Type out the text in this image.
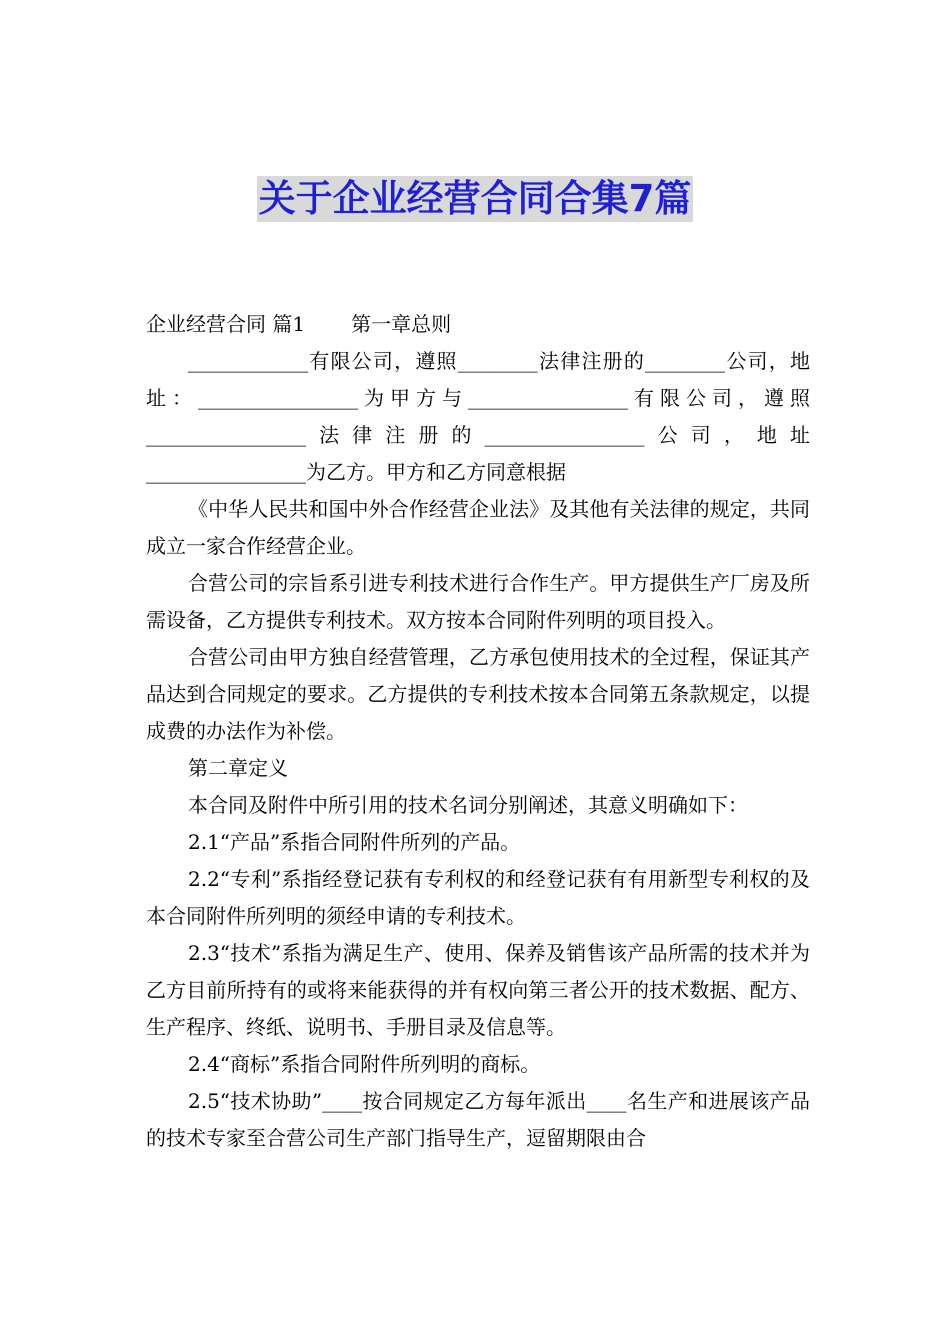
关于企业经营合同合集7篇

企业经营合同 篇1 第一章总则

____________有限公司，遵照________法律注册的________公司，地址：________________为甲方与________________有限公司，遵照________________法律注册的________________公司，地址________________为乙方。甲方和乙方同意根据

《中华人民共和国中外合作经营企业法》及其他有关法律的规定，共同成立一家合作经营企业。

合营公司的宗旨系引进专利技术进行合作生产。甲方提供生产厂房及所需设备，乙方提供专利技术。双方按本合同附件列明的项目投入。

合营公司由甲方独自经营管理，乙方承包使用技术的全过程，保证其产品达到合同规定的要求。乙方提供的专利技术按本合同第五条款规定，以提成费的办法作为补偿。

第二章定义

本合同及附件中所引用的技术名词分别阐述，其意义明确如下：

2.1“产品”系指合同附件所列的产品。

2.2“专利”系指经登记获有专利权的和经登记获有有用新型专利权的及本合同附件所列明的须经申请的专利技术。

2.3“技术”系指为满足生产、使用、保养及销售该产品所需的技术并为乙方目前所持有的或将来能获得的并有权向第三者公开的技术数据、配方、生产程序、终纸、说明书、手册目录及信息等。

2.4“商标”系指合同附件所列明的商标。

2.5“技术协助”____按合同规定乙方每年派出____名生产和进展该产品的技术专家至合营公司生产部门指导生产，逗留期限由合
